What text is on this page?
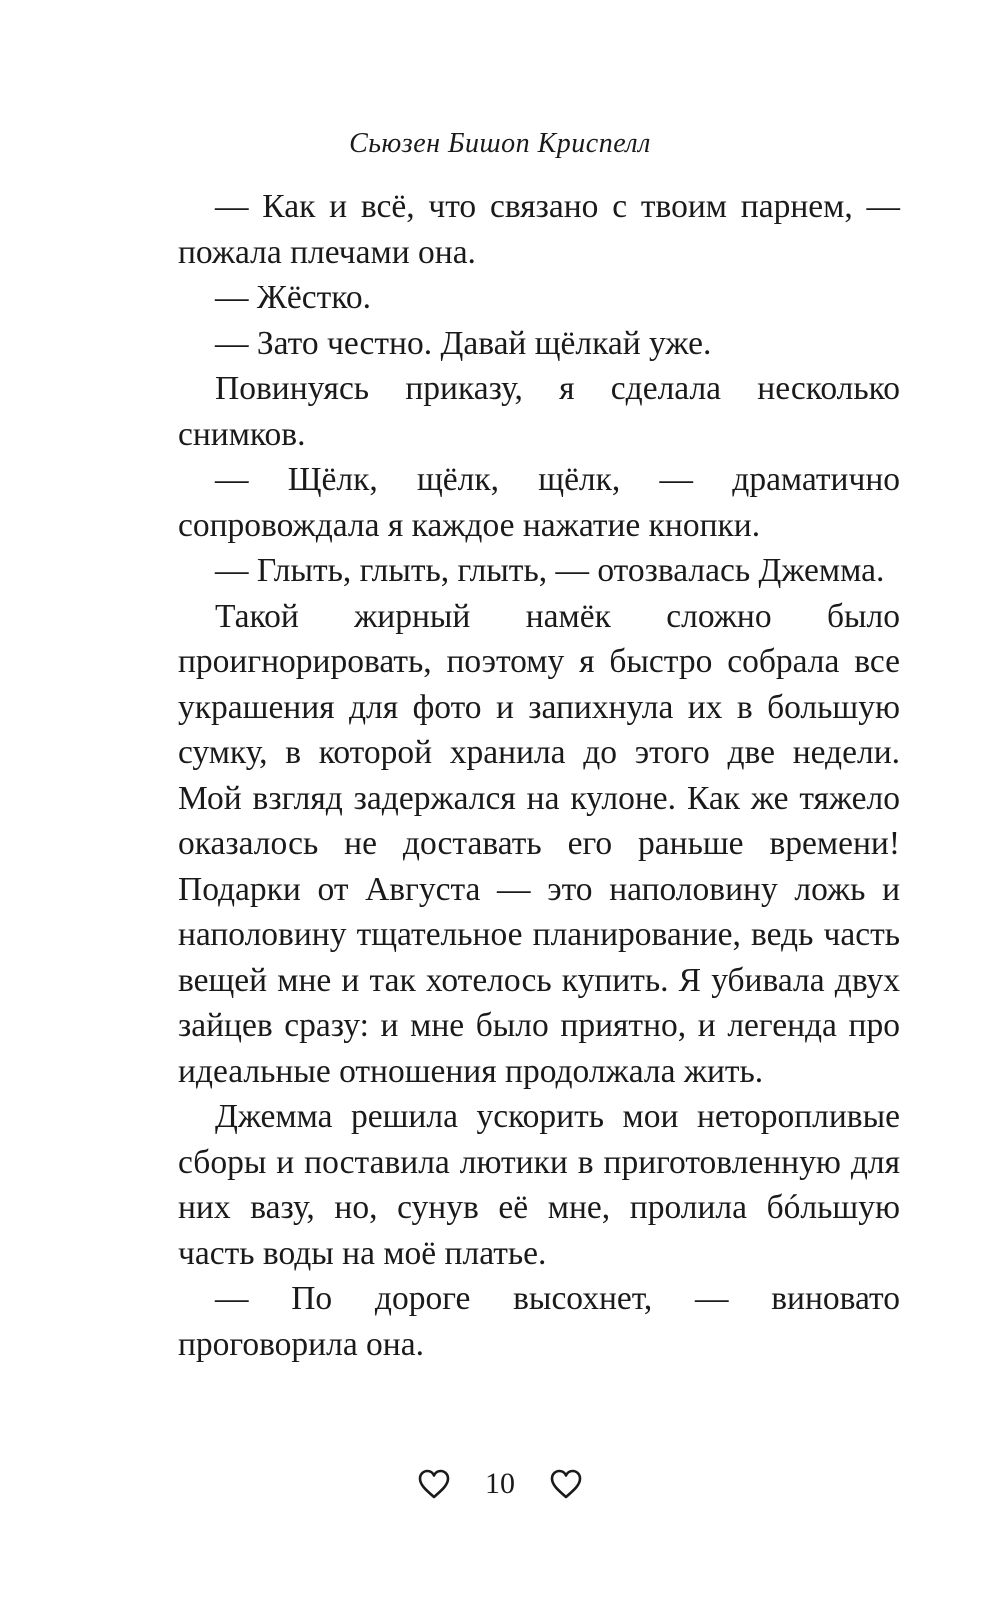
Сьюзен Бишоп Криспелл

— Как и всё, что связано с твоим парнем, — пожала плечами она.

— Жёстко.

— Зато честно. Давай щёлкай уже.

Повинуясь приказу, я сделала несколько снимков.

— Щёлк, щёлк, щёлк, — драматично сопровождала я каждое нажатие кнопки.

— Глыть, глыть, глыть, — отозвалась Джемма.

Такой жирный намёк сложно было проигнорировать, поэтому я быстро собрала все украшения для фото и запихнула их в большую сумку, в которой хранила до этого две недели. Мой взгляд задержался на кулоне. Как же тяжело оказалось не доставать его раньше времени! Подарки от Августа — это наполовину ложь и наполовину тщательное планирование, ведь часть вещей мне и так хотелось купить. Я убивала двух зайцев сразу: и мне было приятно, и легенда про идеальные отношения продолжала жить.

Джемма решила ускорить мои неторопливые сборы и поставила лютики в приготовленную для них вазу, но, сунув её мне, пролила бóльшую часть воды на моё платье.

— По дороге высохнет, — виновато проговорила она.

10
